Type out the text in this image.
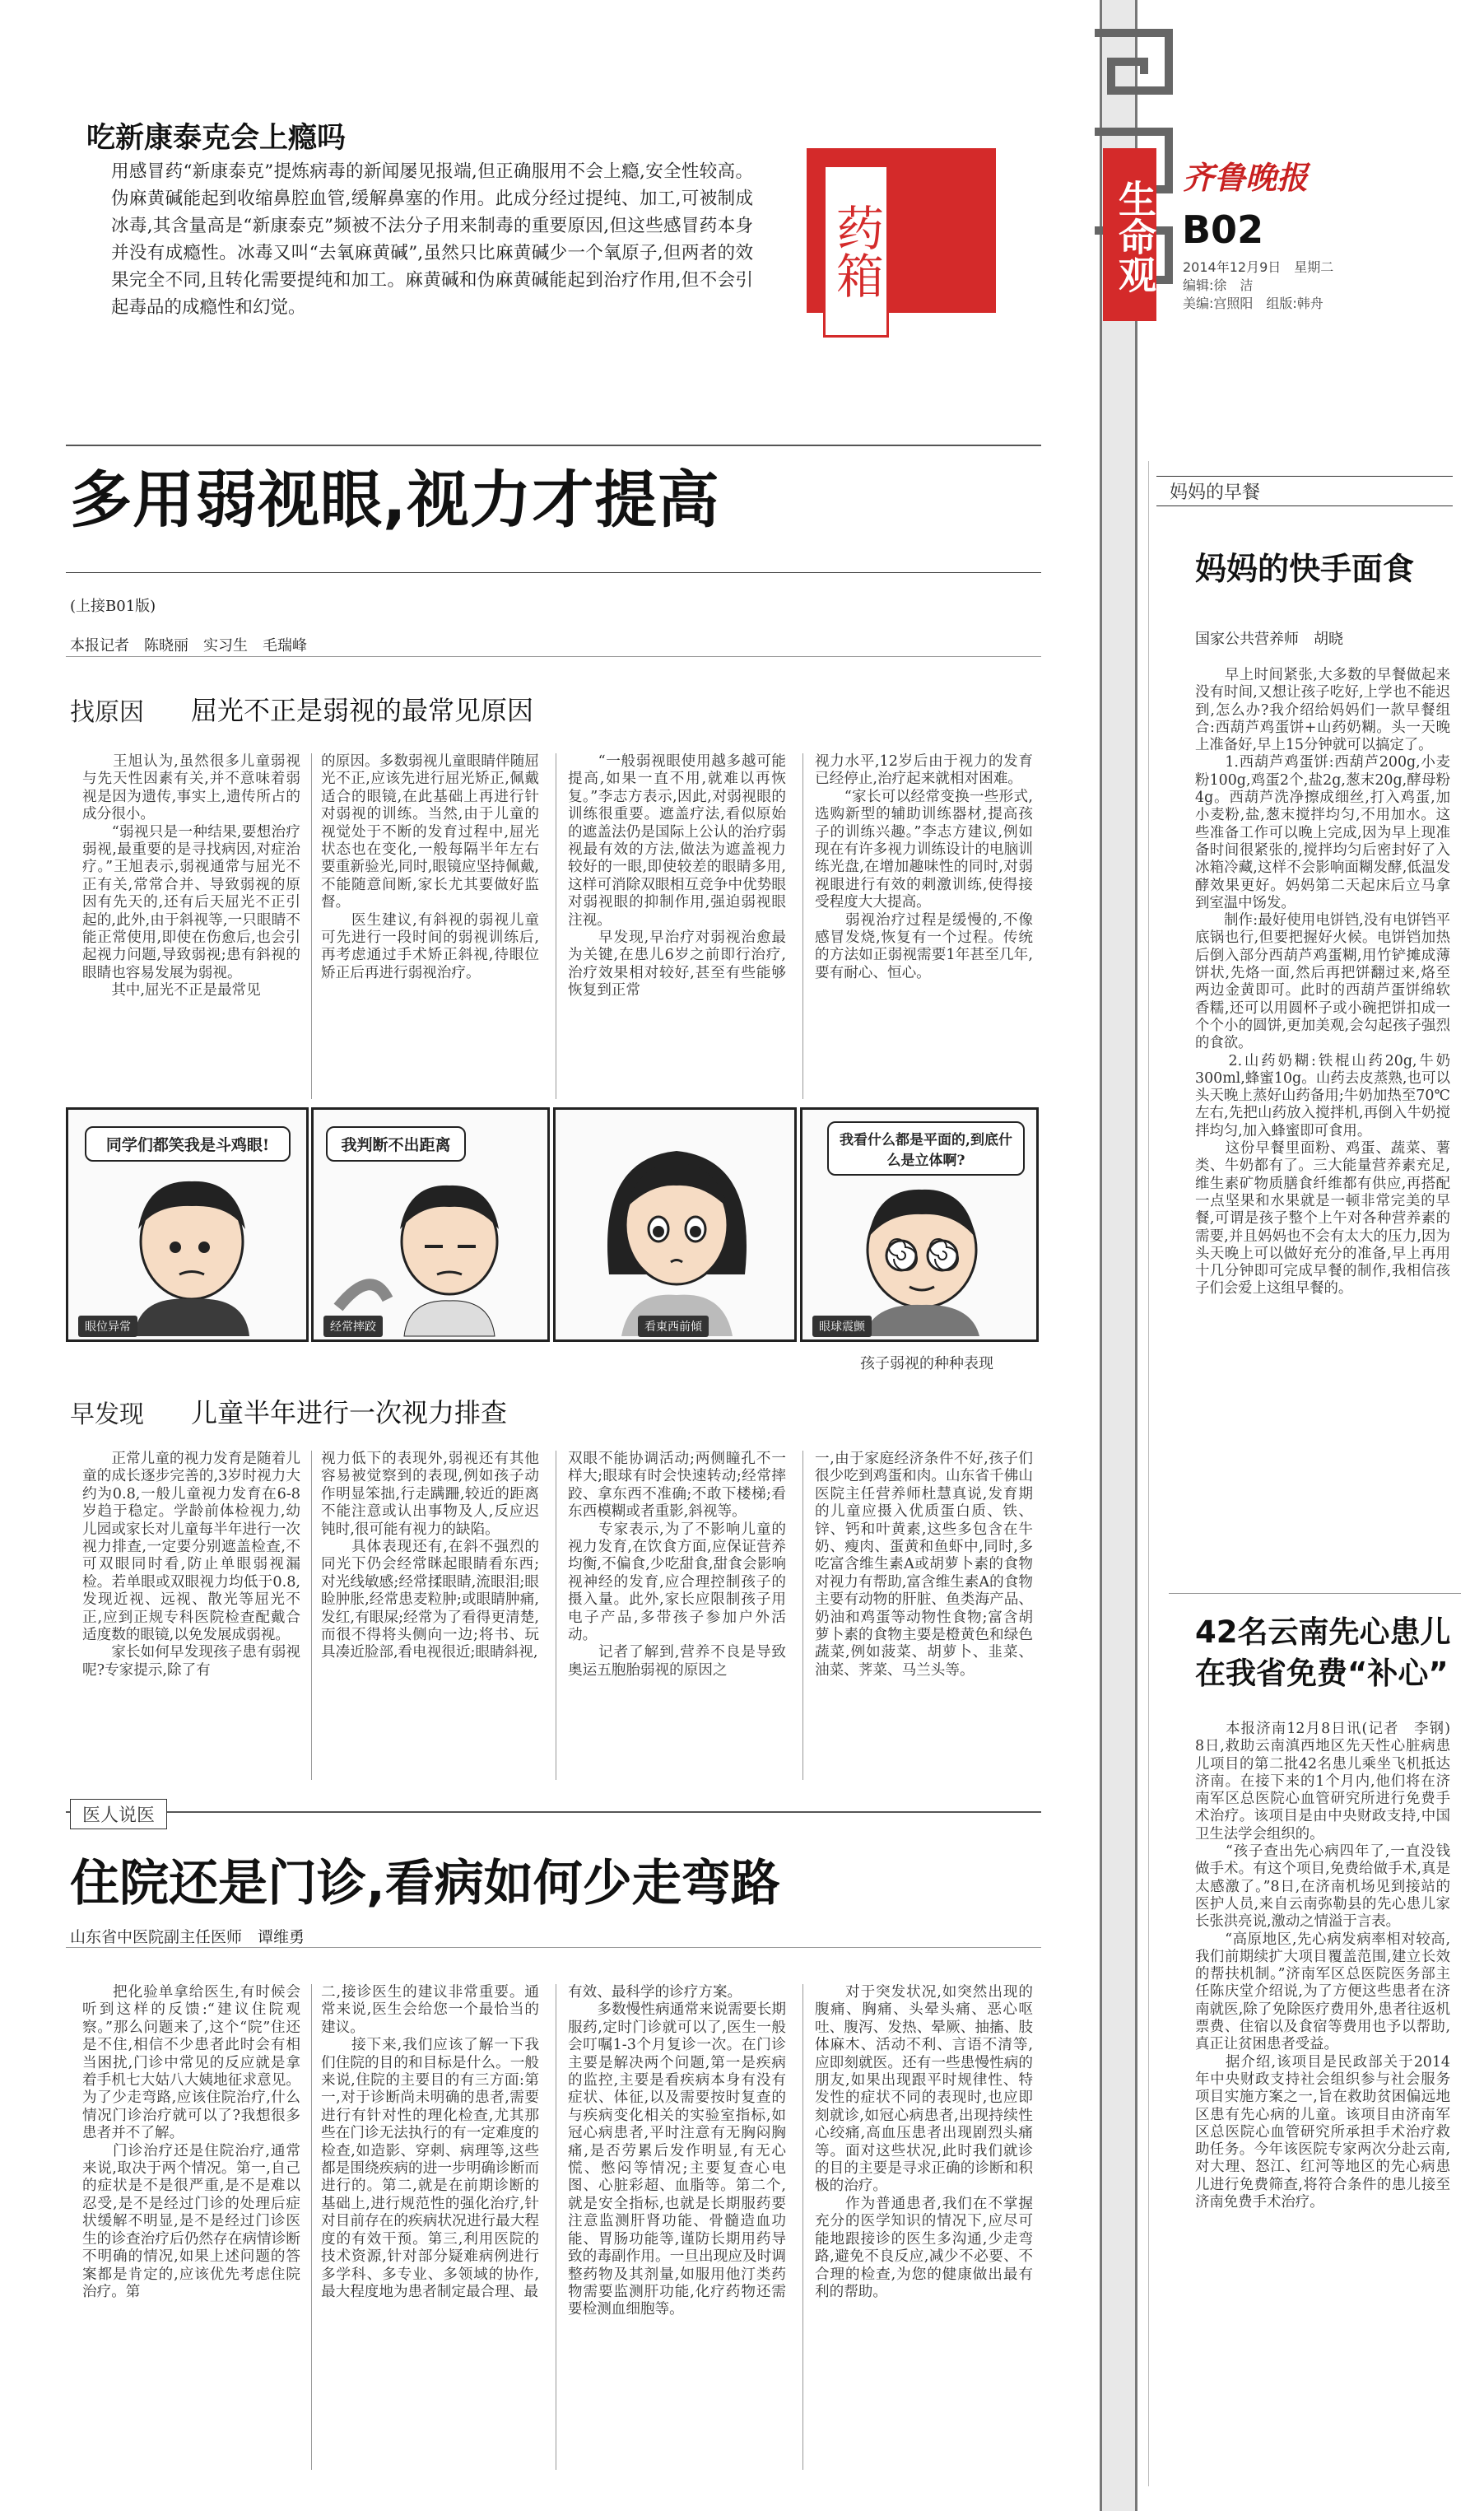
生命观
齐鲁晚报
B02
2014年12月9日　星期二
编辑:徐　洁
美编:宫照阳　组版:韩舟
吃新康泰克会上瘾吗
用感冒药“新康泰克”提炼病毒的新闻屡见报端,但正确服用不会上瘾,安全性较高。伪麻黄碱能起到收缩鼻腔血管,缓解鼻塞的作用。此成分经过提纯、加工,可被制成冰毒,其含量高是“新康泰克”频被不法分子用来制毒的重要原因,但这些感冒药本身并没有成瘾性。冰毒又叫“去氧麻黄碱”,虽然只比麻黄碱少一个氧原子,但两者的效果完全不同,且转化需要提纯和加工。麻黄碱和伪麻黄碱能起到治疗作用,但不会引起毒品的成瘾性和幻觉。
药箱
多用弱视眼,视力才提高
(上接B01版)
本报记者　陈晓丽　实习生　毛瑞峰
找原因 屈光不正是弱视的最常见原因
　　王旭认为,虽然很多儿童弱视与先天性因素有关,并不意味着弱视是因为遗传,事实上,遗传所占的成分很小。
　　“弱视只是一种结果,要想治疗弱视,最重要的是寻找病因,对症治疗。”王旭表示,弱视通常与屈光不正有关,常常合并、导致弱视的原因有先天的,还有后天屈光不正引起的,此外,由于斜视等,一只眼睛不能正常使用,即使在伤愈后,也会引起视力问题,导致弱视;患有斜视的眼睛也容易发展为弱视。
　　其中,屈光不正是最常见
的原因。多数弱视儿童眼睛伴随屈光不正,应该先进行屈光矫正,佩戴适合的眼镜,在此基础上再进行针对弱视的训练。当然,由于儿童的视觉处于不断的发育过程中,屈光状态也在变化,一般每隔半年左右要重新验光,同时,眼镜应坚持佩戴,不能随意间断,家长尤其要做好监督。
　　医生建议,有斜视的弱视儿童可先进行一段时间的弱视训练后,再考虑通过手术矫正斜视,待眼位矫正后再进行弱视治疗。
　　“一般弱视眼使用越多越可能提高,如果一直不用,就难以再恢复。”李志方表示,因此,对弱视眼的训练很重要。遮盖疗法,看似原始的遮盖法仍是国际上公认的治疗弱视最有效的方法,做法为遮盖视力较好的一眼,即使较差的眼睛多用,这样可消除双眼相互竞争中优势眼对弱视眼的抑制作用,强迫弱视眼注视。
　　早发现,早治疗对弱视治愈最为关键,在患儿6岁之前即行治疗,治疗效果相对较好,甚至有些能够恢复到正常
视力水平,12岁后由于视力的发育已经停止,治疗起来就相对困难。
　　“家长可以经常变换一些形式,选购新型的辅助训练器材,提高孩子的训练兴趣。”李志方建议,例如现在有许多视力训练设计的电脑训练光盘,在增加趣味性的同时,对弱视眼进行有效的刺激训练,使得接受程度大大提高。
　　弱视治疗过程是缓慢的,不像感冒发烧,恢复有一个过程。传统的方法如正弱视需要1年甚至几年,要有耐心、恒心。
同学们都笑我是斗鸡眼!
眼位异常
我判断不出距离
经常摔跤	看東西前傾
我看什么都是平面的,到底什么是立体啊?
眼球震颤
孩子弱视的种种表现
早发现 儿童半年进行一次视力排查
　　正常儿童的视力发育是随着儿童的成长逐步完善的,3岁时视力大约为0.8,一般儿童视力发育在6-8岁趋于稳定。学龄前体检视力,幼儿园或家长对儿童每半年进行一次视力排查,一定要分别遮盖检查,不可双眼同时看,防止单眼弱视漏检。若单眼或双眼视力均低于0.8,发现近视、远视、散光等屈光不正,应到正规专科医院检查配戴合适度数的眼镜,以免发展成弱视。
　　家长如何早发现孩子患有弱视呢?专家提示,除了有
视力低下的表现外,弱视还有其他容易被觉察到的表现,例如孩子动作明显笨拙,行走蹒跚,较近的距离不能注意或认出事物及人,反应迟钝时,很可能有视力的缺陷。
　　具体表现还有,在斜不强烈的同光下仍会经常眯起眼睛看东西;对光线敏感;经常揉眼睛,流眼泪;眼睑肿胀,经常患麦粒肿;或眼睛肿痛,发红,有眼屎;经常为了看得更清楚,而很不得将头侧向一边;将书、玩具凑近脸部,看电视很近;眼睛斜视,
双眼不能协调活动;两侧瞳孔不一样大;眼球有时会快速转动;经常摔跤、拿东西不准确;不敢下楼梯;看东西模糊或者重影,斜视等。
　　专家表示,为了不影响儿童的视力发育,在饮食方面,应保证营养均衡,不偏食,少吃甜食,甜食会影响视神经的发育,应合理控制孩子的摄入量。此外,家长应限制孩子用电子产品,多带孩子参加户外活动。
　　记者了解到,营养不良是导致奥运五胞胎弱视的原因之
一,由于家庭经济条件不好,孩子们很少吃到鸡蛋和肉。山东省千佛山医院主任营养师杜慧真说,发育期的儿童应摄入优质蛋白质、铁、锌、钙和叶黄素,这些多包含在牛奶、瘦肉、蛋黄和鱼虾中,同时,多吃富含维生素A或胡萝卜素的食物对视力有帮助,富含维生素A的食物主要有动物的肝脏、鱼类海产品、奶油和鸡蛋等动物性食物;富含胡萝卜素的食物主要是橙黄色和绿色蔬菜,例如菠菜、胡萝卜、韭菜、油菜、荠菜、马兰头等。
医人说医
住院还是门诊,看病如何少走弯路
山东省中医院副主任医师　谭维勇
　　把化验单拿给医生,有时候会听到这样的反馈:“建议住院观察。”那么问题来了,这个“院”住还是不住,相信不少患者此时会有相当困扰,门诊中常见的反应就是拿着手机七大姑八大姨地征求意见。为了少走弯路,应该住院治疗,什么情况门诊治疗就可以了?我想很多患者并不了解。
　　门诊治疗还是住院治疗,通常来说,取决于两个情况。第一,自己的症状是不是很严重,是不是难以忍受,是不是经过门诊的处理后症状缓解不明显,是不是经过门诊医生的诊查治疗后仍然存在病情诊断不明确的情况,如果上述问题的答案都是肯定的,应该优先考虑住院治疗。第
二,接诊医生的建议非常重要。通常来说,医生会给您一个最恰当的建议。
　　接下来,我们应该了解一下我们住院的目的和目标是什么。一般来说,住院的主要目的有三方面:第一,对于诊断尚未明确的患者,需要进行有针对性的理化检查,尤其那些在门诊无法执行的有一定难度的检查,如造影、穿刺、病理等,这些都是围绕疾病的进一步明确诊断而进行的。第二,就是在前期诊断的基础上,进行规范性的强化治疗,针对目前存在的疾病状况进行最大程度的有效干预。第三,利用医院的技术资源,针对部分疑难病例进行多学科、多专业、多领域的协作,最大程度地为患者制定最合理、最
有效、最科学的诊疗方案。
　　多数慢性病通常来说需要长期服药,定时门诊就可以了,医生一般会叮嘱1-3个月复诊一次。在门诊主要是解决两个问题,第一是疾病的监控,主要是看疾病本身有没有症状、体征,以及需要按时复查的与疾病变化相关的实验室指标,如冠心病患者,平时注意有无胸闷胸痛,是否劳累后发作明显,有无心慌、憋闷等情况;主要复查心电图、心脏彩超、血脂等。第二个,就是安全指标,也就是长期服药要注意监测肝肾功能、骨髓造血功能、胃肠功能等,谨防长期用药导致的毒副作用。一旦出现应及时调整药物及其剂量,如服用他汀类药物需要监测肝功能,化疗药物还需要检测血细胞等。
　　对于突发状况,如突然出现的腹痛、胸痛、头晕头痛、恶心呕吐、腹泻、发热、晕厥、抽搐、肢体麻木、活动不利、言语不清等,应即刻就医。还有一些患慢性病的朋友,如果出现跟平时规律性、特发性的症状不同的表现时,也应即刻就诊,如冠心病患者,出现持续性心绞痛,高血压患者出现剧烈头痛等。面对这些状况,此时我们就诊的目的主要是寻求正确的诊断和积极的治疗。
　　作为普通患者,我们在不掌握充分的医学知识的情况下,应尽可能地跟接诊的医生多沟通,少走弯路,避免不良反应,减少不必要、不合理的检查,为您的健康做出最有利的帮助。
妈妈的早餐
妈妈的快手面食
国家公共营养师　胡晓
　　早上时间紧张,大多数的早餐做起来没有时间,又想让孩子吃好,上学也不能迟到,怎么办?我介绍给妈妈们一款早餐组合:西葫芦鸡蛋饼+山药奶糊。头一天晚上准备好,早上15分钟就可以搞定了。
　　1.西葫芦鸡蛋饼:西葫芦200g,小麦粉100g,鸡蛋2个,盐2g,葱末20g,酵母粉4g。西葫芦洗净擦成细丝,打入鸡蛋,加小麦粉,盐,葱末搅拌均匀,不用加水。这些准备工作可以晚上完成,因为早上现准备时间很紧张的,搅拌均匀后密封好了入冰箱冷藏,这样不会影响面糊发酵,低温发酵效果更好。妈妈第二天起床后立马拿到室温中饧发。
　　制作:最好使用电饼铛,没有电饼铛平底锅也行,但要把握好火候。电饼铛加热后倒入部分西葫芦鸡蛋糊,用竹铲摊成薄饼状,先烙一面,然后再把饼翻过来,烙至两边金黄即可。此时的西葫芦蛋饼绵软香糯,还可以用圆杯子或小碗把饼扣成一个个小的圆饼,更加美观,会勾起孩子强烈的食欲。
　　2.山药奶糊:铁棍山药20g,牛奶300ml,蜂蜜10g。山药去皮蒸熟,也可以头天晚上蒸好山药备用;牛奶加热至70℃左右,先把山药放入搅拌机,再倒入牛奶搅拌均匀,加入蜂蜜即可食用。
　　这份早餐里面粉、鸡蛋、蔬菜、薯类、牛奶都有了。三大能量营养素充足,维生素矿物质膳食纤维都有供应,再搭配一点坚果和水果就是一顿非常完美的早餐,可谓是孩子整个上午对各种营养素的需要,并且妈妈也不会有太大的压力,因为头天晚上可以做好充分的准备,早上再用十几分钟即可完成早餐的制作,我相信孩子们会爱上这组早餐的。
42名云南先心患儿在我省免费“补心”
　　本报济南12月8日讯(记者　李钢)　8日,救助云南滇西地区先天性心脏病患儿项目的第二批42名患儿乘坐飞机抵达济南。在接下来的1个月内,他们将在济南军区总医院心血管研究所进行免费手术治疗。该项目是由中央财政支持,中国卫生法学会组织的。
　　“孩子查出先心病四年了,一直没钱做手术。有这个项目,免费给做手术,真是太感激了。”8日,在济南机场见到接站的医护人员,来自云南弥勒县的先心患儿家长张洪亮说,激动之情溢于言表。
　　“高原地区,先心病发病率相对较高,我们前期续扩大项目覆盖范围,建立长效的帮扶机制。”济南军区总医院医务部主任陈庆堂介绍说,为了方便这些患者在济南就医,除了免除医疗费用外,患者往返机票费、住宿以及食宿等费用也予以帮助,真正让贫困患者受益。
　　据介绍,该项目是民政部关于2014年中央财政支持社会组织参与社会服务项目实施方案之一,旨在救助贫困偏远地区患有先心病的儿童。该项目由济南军区总医院心血管研究所承担手术治疗救助任务。今年该医院专家两次分赴云南,对大理、怒江、红河等地区的先心病患儿进行免费筛查,将符合条件的患儿接至济南免费手术治疗。
